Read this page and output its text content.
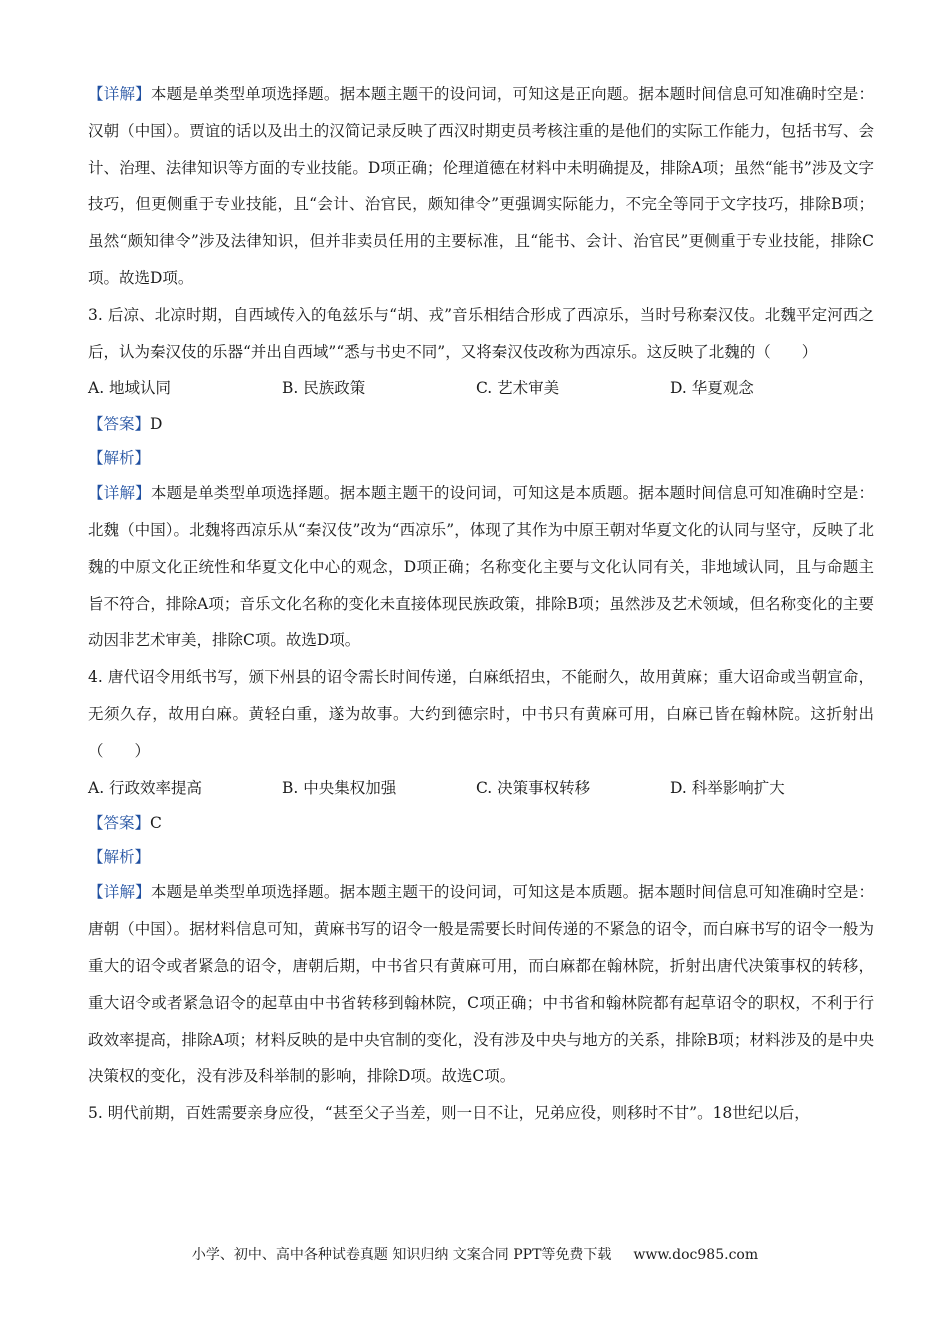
【详解】本题是单类型单项选择题。据本题主题干的设问词，可知这是正向题。据本题时间信息可知准确时空是：汉朝（中国）。贾谊的话以及出土的汉简记录反映了西汉时期吏员考核注重的是他们的实际工作能力，包括书写、会计、治理、法律知识等方面的专业技能。D项正确；伦理道德在材料中未明确提及，排除A项；虽然“能书”涉及文字技巧，但更侧重于专业技能，且“会计、治官民，颇知律令”更强调实际能力，不完全等同于文字技巧，排除B项；虽然“颇知律令”涉及法律知识，但并非卖员任用的主要标准，且“能书、会计、治官民”更侧重于专业技能，排除C项。故选D项。

3. 后凉、北凉时期，自西域传入的龟兹乐与“胡、戎”音乐相结合形成了西凉乐，当时号称秦汉伎。北魏平定河西之后，认为秦汉伎的乐器“并出自西域”“悉与书史不同”，又将秦汉伎改称为西凉乐。这反映了北魏的（　　）

A. 地域认同	B. 民族政策	C. 艺术审美	D. 华夏观念

【答案】D

【解析】

【详解】本题是单类型单项选择题。据本题主题干的设问词，可知这是本质题。据本题时间信息可知准确时空是：北魏（中国）。北魏将西凉乐从“秦汉伎”改为“西凉乐”，体现了其作为中原王朝对华夏文化的认同与坚守，反映了北魏的中原文化正统性和华夏文化中心的观念，D项正确；名称变化主要与文化认同有关，非地域认同，且与命题主旨不符合，排除A项；音乐文化名称的变化未直接体现民族政策，排除B项；虽然涉及艺术领域，但名称变化的主要动因非艺术审美，排除C项。故选D项。

4. 唐代诏令用纸书写，颁下州县的诏令需长时间传递，白麻纸招虫，不能耐久，故用黄麻；重大诏命或当朝宣命，无须久存，故用白麻。黄轻白重，遂为故事。大约到德宗时，中书只有黄麻可用，白麻已皆在翰林院。这折射出（　　）

A. 行政效率提高	B. 中央集权加强	C. 决策事权转移	D. 科举影响扩大

【答案】C

【解析】

【详解】本题是单类型单项选择题。据本题主题干的设问词，可知这是本质题。据本题时间信息可知准确时空是：唐朝（中国）。据材料信息可知，黄麻书写的诏令一般是需要长时间传递的不紧急的诏令，而白麻书写的诏令一般为重大的诏令或者紧急的诏令，唐朝后期，中书省只有黄麻可用，而白麻都在翰林院，折射出唐代决策事权的转移，重大诏令或者紧急诏令的起草由中书省转移到翰林院，C项正确；中书省和翰林院都有起草诏令的职权，不利于行政效率提高，排除A项；材料反映的是中央官制的变化，没有涉及中央与地方的关系，排除B项；材料涉及的是中央决策权的变化，没有涉及科举制的影响，排除D项。故选C项。

5. 明代前期，百姓需要亲身应役，“甚至父子当差，则一日不让，兄弟应役，则移时不甘”。18世纪以后，

小学、初中、高中各种试卷真题 知识归纳 文案合同 PPT等免费下载 www.doc985.com
